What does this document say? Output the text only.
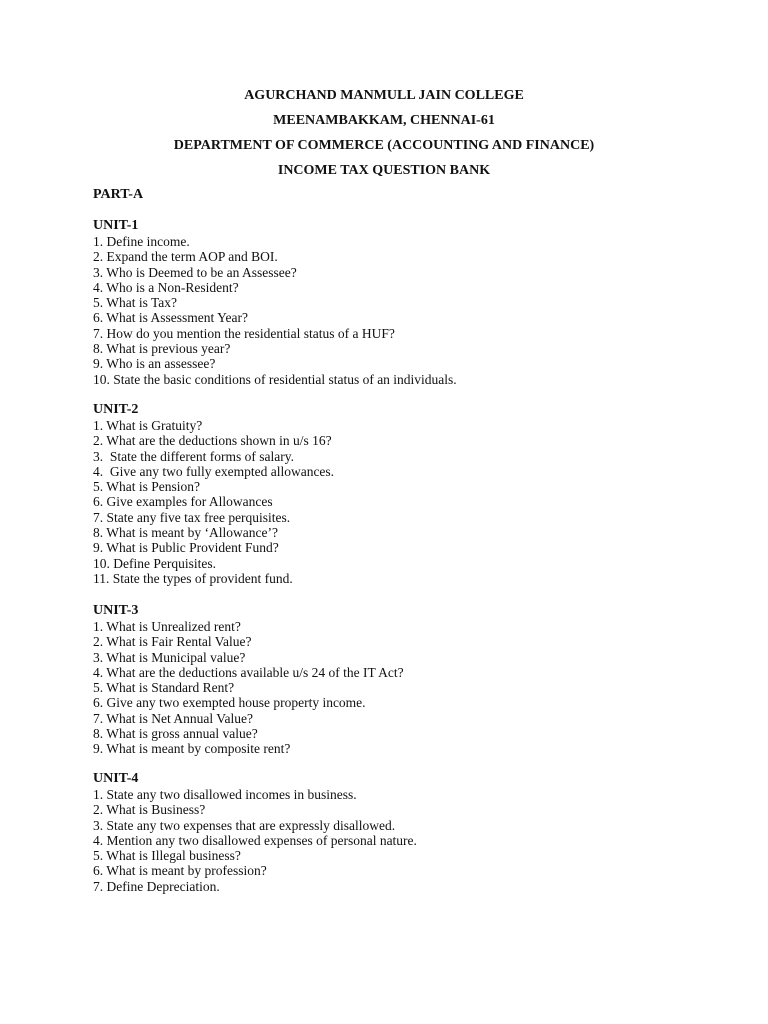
AGURCHAND MANMULL JAIN COLLEGE
MEENAMBAKKAM, CHENNAI-61
DEPARTMENT OF COMMERCE (ACCOUNTING AND FINANCE)
INCOME TAX QUESTION BANK
PART-A
UNIT-1
1. Define income.
2. Expand the term AOP and BOI.
3. Who is Deemed to be an Assessee?
4. Who is a Non-Resident?
5. What is Tax?
6. What is Assessment Year?
7. How do you mention the residential status of a HUF?
8. What is previous year?
9. Who is an assessee?
10. State the basic conditions of residential status of an individuals.
UNIT-2
1. What is Gratuity?
2. What are the deductions shown in u/s 16?
3.  State the different forms of salary.
4.  Give any two fully exempted allowances.
5. What is Pension?
6. Give examples for Allowances
7. State any five tax free perquisites.
8. What is meant by ‘Allowance’?
9. What is Public Provident Fund?
10. Define Perquisites.
11. State the types of provident fund.
UNIT-3
1. What is Unrealized rent?
2. What is Fair Rental Value?
3. What is Municipal value?
4. What are the deductions available u/s 24 of the IT Act?
5. What is Standard Rent?
6. Give any two exempted house property income.
7. What is Net Annual Value?
8. What is gross annual value?
9. What is meant by composite rent?
UNIT-4
1. State any two disallowed incomes in business.
2. What is Business?
3. State any two expenses that are expressly disallowed.
4. Mention any two disallowed expenses of personal nature.
5. What is Illegal business?
6. What is meant by profession?
7. Define Depreciation.
